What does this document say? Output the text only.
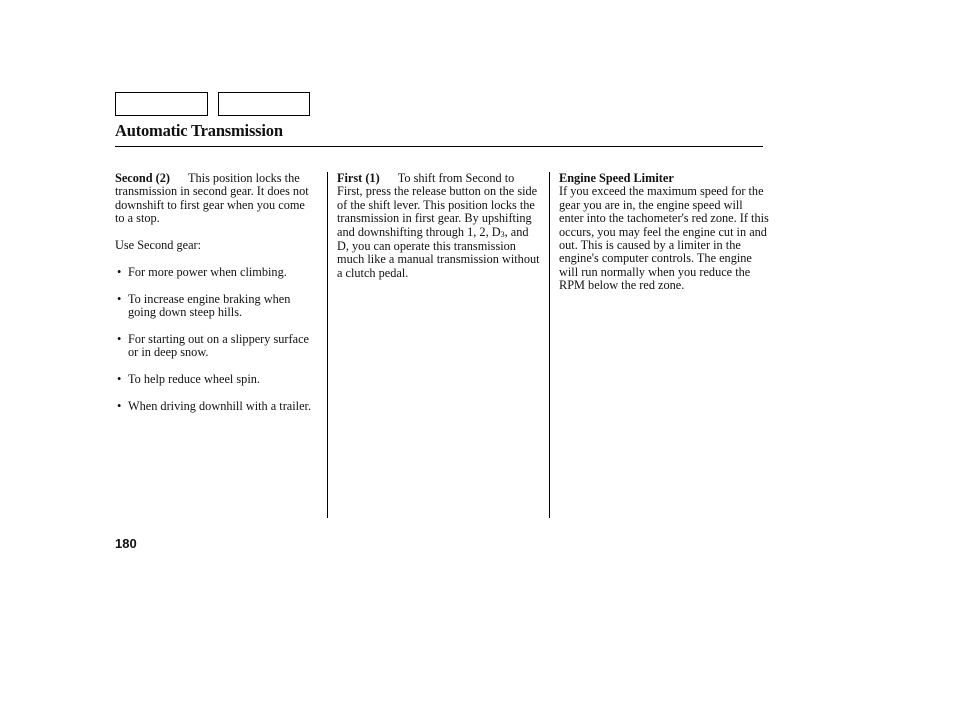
Automatic Transmission

Second (2) This position locks the transmission in second gear. It does not downshift to first gear when you come to a stop.

Use Second gear:

• For more power when climbing.
• To increase engine braking when going down steep hills.
• For starting out on a slippery surface or in deep snow.
• To help reduce wheel spin.
• When driving downhill with a trailer.

First (1) To shift from Second to First, press the release button on the side of the shift lever. This position locks the transmission in first gear. By upshifting and downshifting through 1, 2, $D_3$, and D, you can operate this transmission much like a manual transmission without a clutch pedal.

Engine Speed Limiter

If you exceed the maximum speed for the gear you are in, the engine speed will enter into the tachometer's red zone. If this occurs, you may feel the engine cut in and out. This is caused by a limiter in the engine's computer controls. The engine will run normally when you reduce the RPM below the red zone.

180
